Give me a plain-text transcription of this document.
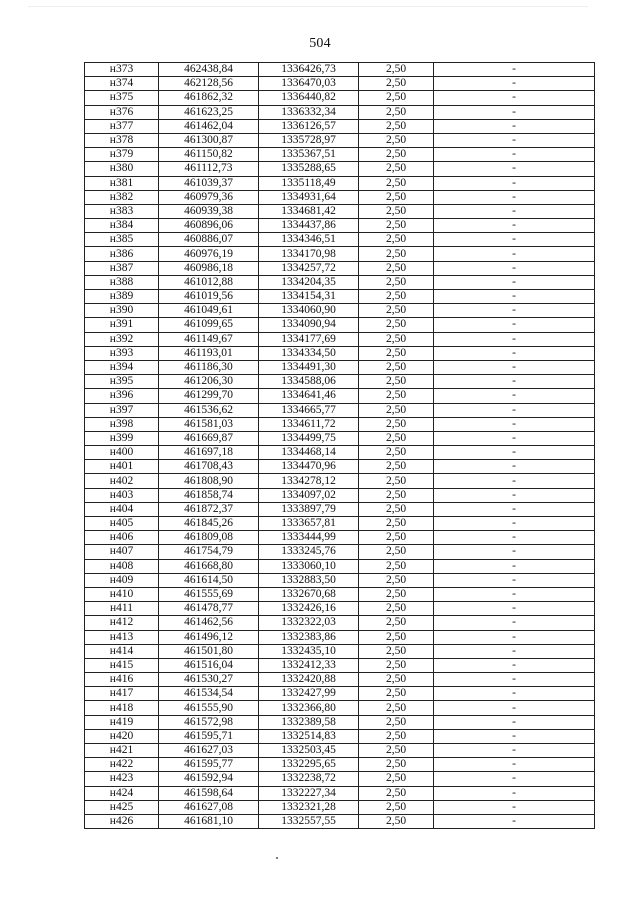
504
н373	462438,84	1336426,73	2,50	-
н374	462128,56	1336470,03	2,50	-
н375	461862,32	1336440,82	2,50	-
н376	461623,25	1336332,34	2,50	-
н377	461462,04	1336126,57	2,50	-
н378	461300,87	1335728,97	2,50	-
н379	461150,82	1335367,51	2,50	-
н380	461112,73	1335288,65	2,50	-
н381	461039,37	1335118,49	2,50	-
н382	460979,36	1334931,64	2,50	-
н383	460939,38	1334681,42	2,50	-
н384	460896,06	1334437,86	2,50	-
н385	460886,07	1334346,51	2,50	-
н386	460976,19	1334170,98	2,50	-
н387	460986,18	1334257,72	2,50	-
н388	461012,88	1334204,35	2,50	-
н389	461019,56	1334154,31	2,50	-
н390	461049,61	1334060,90	2,50	-
н391	461099,65	1334090,94	2,50	-
н392	461149,67	1334177,69	2,50	-
н393	461193,01	1334334,50	2,50	-
н394	461186,30	1334491,30	2,50	-
н395	461206,30	1334588,06	2,50	-
н396	461299,70	1334641,46	2,50	-
н397	461536,62	1334665,77	2,50	-
н398	461581,03	1334611,72	2,50	-
н399	461669,87	1334499,75	2,50	-
н400	461697,18	1334468,14	2,50	-
н401	461708,43	1334470,96	2,50	-
н402	461808,90	1334278,12	2,50	-
н403	461858,74	1334097,02	2,50	-
н404	461872,37	1333897,79	2,50	-
н405	461845,26	1333657,81	2,50	-
н406	461809,08	1333444,99	2,50	-
н407	461754,79	1333245,76	2,50	-
н408	461668,80	1333060,10	2,50	-
н409	461614,50	1332883,50	2,50	-
н410	461555,69	1332670,68	2,50	-
н411	461478,77	1332426,16	2,50	-
н412	461462,56	1332322,03	2,50	-
н413	461496,12	1332383,86	2,50	-
н414	461501,80	1332435,10	2,50	-
н415	461516,04	1332412,33	2,50	-
н416	461530,27	1332420,88	2,50	-
н417	461534,54	1332427,99	2,50	-
н418	461555,90	1332366,80	2,50	-
н419	461572,98	1332389,58	2,50	-
н420	461595,71	1332514,83	2,50	-
н421	461627,03	1332503,45	2,50	-
н422	461595,77	1332295,65	2,50	-
н423	461592,94	1332238,72	2,50	-
н424	461598,64	1332227,34	2,50	-
н425	461627,08	1332321,28	2,50	-
н426	461681,10	1332557,55	2,50	-
